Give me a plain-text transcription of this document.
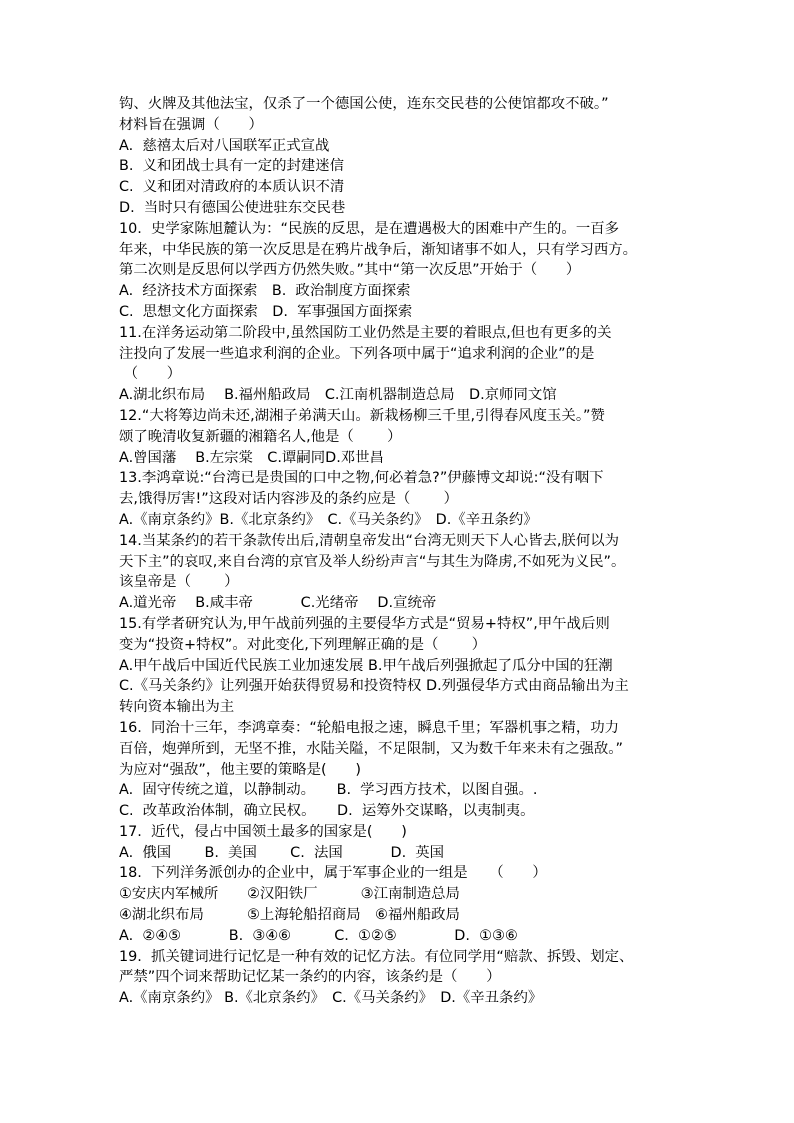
钩、火牌及其他法宝，仅杀了一个德国公使，连东交民巷的公使馆都攻不破。”
材料旨在强调（　　）
A.  慈禧太后对八国联军正式宣战
B.  义和团战士具有一定的封建迷信
C.  义和团对清政府的本质认识不清
D.  当时只有德国公使进驻东交民巷
10.  史学家陈旭麓认为：“民族的反思，是在遭遇极大的困难中产生的。一百多
年来，中华民族的第一次反思是在鸦片战争后，渐知诸事不如人，只有学习西方。
第二次则是反思何以学西方仍然失败。”其中“第一次反思”开始于（　　）
A.  经济技术方面探索　B.  政治制度方面探索
C.  思想文化方面探索　D.  军事强国方面探索
11.在洋务运动第二阶段中,虽然国防工业仍然是主要的着眼点,但也有更多的关
注投向了发展一些追求利润的企业。下列各项中属于“追求利润的企业”的是
（　　）
A.湖北织布局　 B.福州船政局　C.江南机器制造总局　D.京师同文馆
12.“大将筹边尚未还,湖湘子弟满天山。新栽杨柳三千里,引得春风度玉关。”赞
颂了晚清收复新疆的湘籍名人,他是（　　 ）
A.曾国藩　 B.左宗棠　C.谭嗣同D.邓世昌
13.李鸿章说:“台湾已是贵国的口中之物,何必着急?”伊藤博文却说:“没有咽下
去,饿得厉害!”这段对话内容涉及的条约应是（　　 ）
A.《南京条约》B.《北京条约》　C.《马关条约》　D.《辛丑条约》
14.当某条约的若干条款传出后,清朝皇帝发出“台湾无则天下人心皆去,朕何以为
天下主”的哀叹,来自台湾的京官及举人纷纷声言“与其生为降虏,不如死为义民”。
该皇帝是（　　 ）
A.道光帝　 B.咸丰帝　　　 C.光绪帝　 D.宣统帝
15.有学者研究认为,甲午战前列强的主要侵华方式是“贸易+特权”,甲午战后则
变为“投资+特权”。对此变化,下列理解正确的是（　　 ）
A.甲午战后中国近代民族工业加速发展 B.甲午战后列强掀起了瓜分中国的狂潮
C.《马关条约》让列强开始获得贸易和投资特权 D.列强侵华方式由商品输出为主
转向资本输出为主
16.  同治十三年，李鸿章奏：“轮船电报之速，瞬息千里；军器机事之精，功力
百倍，炮弹所到，无坚不推，水陆关隘，不足限制，又为数千年来未有之强敌。”
为应对“强敌”，他主要的策略是(　　)
A.  固守传统之道，以静制动。　　B.  学习西方技术，以图自强。.
C.  改革政治体制，确立民权。　　D.  运筹外交谋略，以夷制夷。
17.  近代，侵占中国领土最多的国家是(　　)
A.  俄国　　 B.  美国　　 C.  法国　　　 D.  英国
18.  下列洋务派创办的企业中，属于军事企业的一组是　　（　　）
①安庆内军械所　　②汉阳铁厂　　　③江南制造总局
④湖北织布局　　　⑤上海轮船招商局　⑥福州船政局
A.  ②④⑤　　　 B.  ③④⑥　　　C.  ①②⑤　　　　D.  ①③⑥
19.  抓关键词进行记忆是一种有效的记忆方法。有位同学用“赔款、拆毁、划定、
严禁”四个词来帮助记忆某一条约的内容，该条约是（　　）
A.《南京条约》 B.《北京条约》　C.《马关条约》　D.《辛丑条约》
